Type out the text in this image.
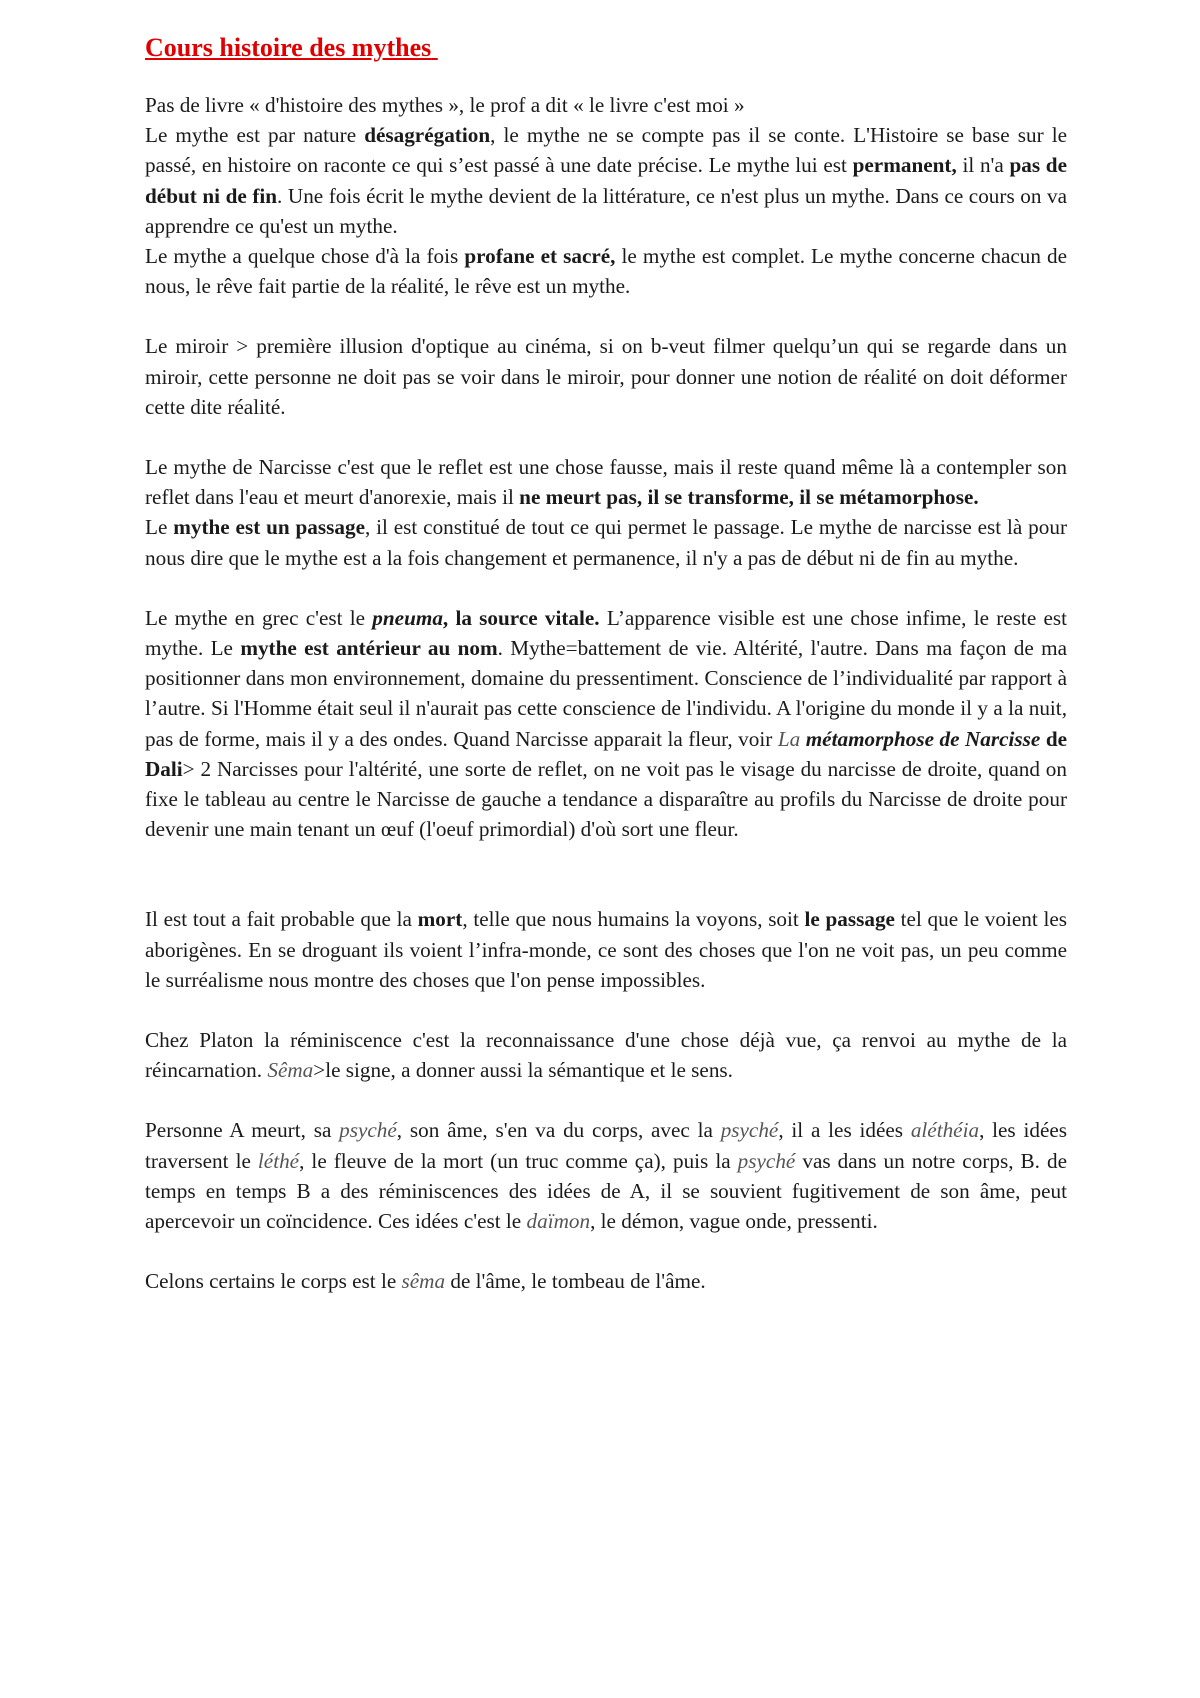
Cours histoire des mythes

Pas de livre « d'histoire des mythes », le prof a dit « le livre c'est moi »

Le mythe est par nature désagrégation, le mythe ne se compte pas il se conte. L'Histoire se base sur le passé, en histoire on raconte ce qui s’est passé à une date précise. Le mythe lui est permanent, il n'a pas de début ni de fin. Une fois écrit le mythe devient de la littérature, ce n'est plus un mythe. Dans ce cours on va apprendre ce qu'est un mythe.

Le mythe a quelque chose d'à la fois profane et sacré, le mythe est complet. Le mythe concerne chacun de nous, le rêve fait partie de la réalité, le rêve est un mythe.

Le miroir > première illusion d'optique au cinéma, si on b-veut filmer quelqu’un qui se regarde dans un miroir, cette personne ne doit pas se voir dans le miroir, pour donner une notion de réalité on doit déformer cette dite réalité.

Le mythe de Narcisse c'est que le reflet est une chose fausse, mais il reste quand même là a contempler son reflet dans l'eau et meurt d'anorexie, mais il ne meurt pas, il se transforme, il se métamorphose.

Le mythe est un passage, il est constitué de tout ce qui permet le passage. Le mythe de narcisse est là pour nous dire que le mythe est a la fois changement et permanence, il n'y a pas de début ni de fin au mythe.

Le mythe en grec c'est le pneuma, la source vitale. L’apparence visible est une chose infime, le reste est mythe. Le mythe est antérieur au nom. Mythe=battement de vie. Altérité, l'autre. Dans ma façon de ma positionner dans mon environnement, domaine du pressentiment. Conscience de l’individualité par rapport à l’autre. Si l'Homme était seul il n'aurait pas cette conscience de l'individu. A l'origine du monde il y a la nuit, pas de forme, mais il y a des ondes. Quand Narcisse apparait la fleur, voir La métamorphose de Narcisse de Dali> 2 Narcisses pour l'altérité, une sorte de reflet, on ne voit pas le visage du narcisse de droite, quand on fixe le tableau au centre le Narcisse de gauche a tendance a disparaître au profils du Narcisse de droite pour devenir une main tenant un œuf (l'oeuf primordial) d'où sort une fleur.

Il est tout a fait probable que la mort, telle que nous humains la voyons, soit le passage tel que le voient les aborigènes. En se droguant ils voient l’infra-monde, ce sont des choses que l'on ne voit pas, un peu comme le surréalisme nous montre des choses que l'on pense impossibles.

Chez Platon la réminiscence c'est la reconnaissance d'une chose déjà vue, ça renvoi au mythe de la réincarnation. Sêma>le signe, a donner aussi la sémantique et le sens.

Personne A meurt, sa psyché, son âme, s'en va du corps, avec la psyché, il a les idées aléthéia, les idées traversent le léthé, le fleuve de la mort (un truc comme ça), puis la psyché vas dans un notre corps, B. de temps en temps B a des réminiscences des idées de A, il se souvient fugitivement de son âme, peut apercevoir un coïncidence. Ces idées c'est le daïmon, le démon, vague onde, pressenti.

Celons certains le corps est le sêma de l'âme, le tombeau de l'âme.
